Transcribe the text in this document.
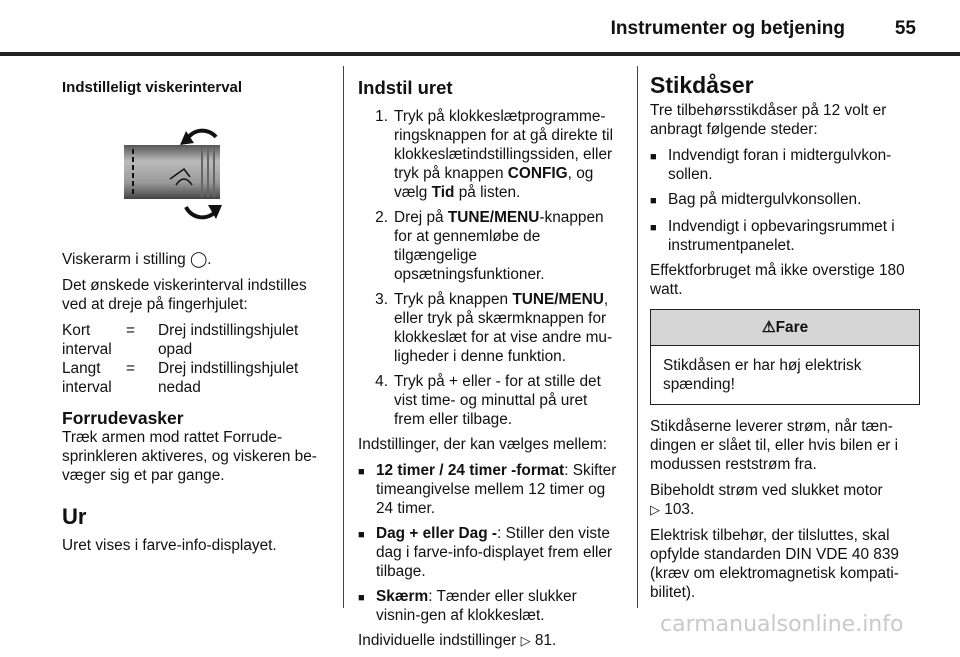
Instrumenter og betjening	55
Indstilleligt viskerinterval

Viskerarm i stilling ◯.

Det ønskede viskerinterval indstilles ved at dreje på fingerhjulet:

Kort interval
=	Drej indstillingshjulet opad
Langt interval
=	Drej indstillingshjulet nedad
Forrudevasker

Træk armen mod rattet Forrude-sprinkleren aktiveres, og viskeren be-væger sig et par gange.

Ur

Uret vises i farve-info-displayet.

Indstil uret
1. Tryk på klokkeslætprogramme-ringsknappen for at gå direkte til klokkeslætindstillingssiden, eller tryk på knappen CONFIG, og vælg Tid på listen.
2. Drej på TUNE/MENU-knappen for at gennemløbe de tilgængelige opsætningsfunktioner.
3. Tryk på knappen TUNE/MENU, eller tryk på skærmknappen for klokkeslæt for at vise andre mu-ligheder i denne funktion.
4. Tryk på + eller - for at stille det vist time- og minuttal på uret frem eller tilbage.

Indstillinger, der kan vælges mellem:

■ 12 timer / 24 timer -format: Skifter timeangivelse mellem 12 timer og 24 timer.
■ Dag + eller Dag -: Stiller den viste dag i farve-info-displayet frem eller tilbage.
■ Skærm: Tænder eller slukker visnin-gen af klokkeslæt.

Individuelle indstillinger ▷ 81.

Stikdåser

Tre tilbehørsstikdåser på 12 volt er anbragt følgende steder:

■ Indvendigt foran i midtergulvkon-sollen.
■ Bag på midtergulvkonsollen.
■ Indvendigt i opbevaringsrummet i instrumentpanelet.

Effektforbruget må ikke overstige 180 watt.

⚠Fare
Stikdåsen er har høj elektrisk spænding!

Stikdåserne leverer strøm, når tæn-dingen er slået til, eller hvis bilen er i modussen reststrøm fra.

Bibeholdt strøm ved slukket motor
▷ 103.

Elektrisk tilbehør, der tilsluttes, skal opfylde standarden DIN VDE 40 839 (kræv om elektromagnetisk kompati-bilitet).

carmanualsonline.info
